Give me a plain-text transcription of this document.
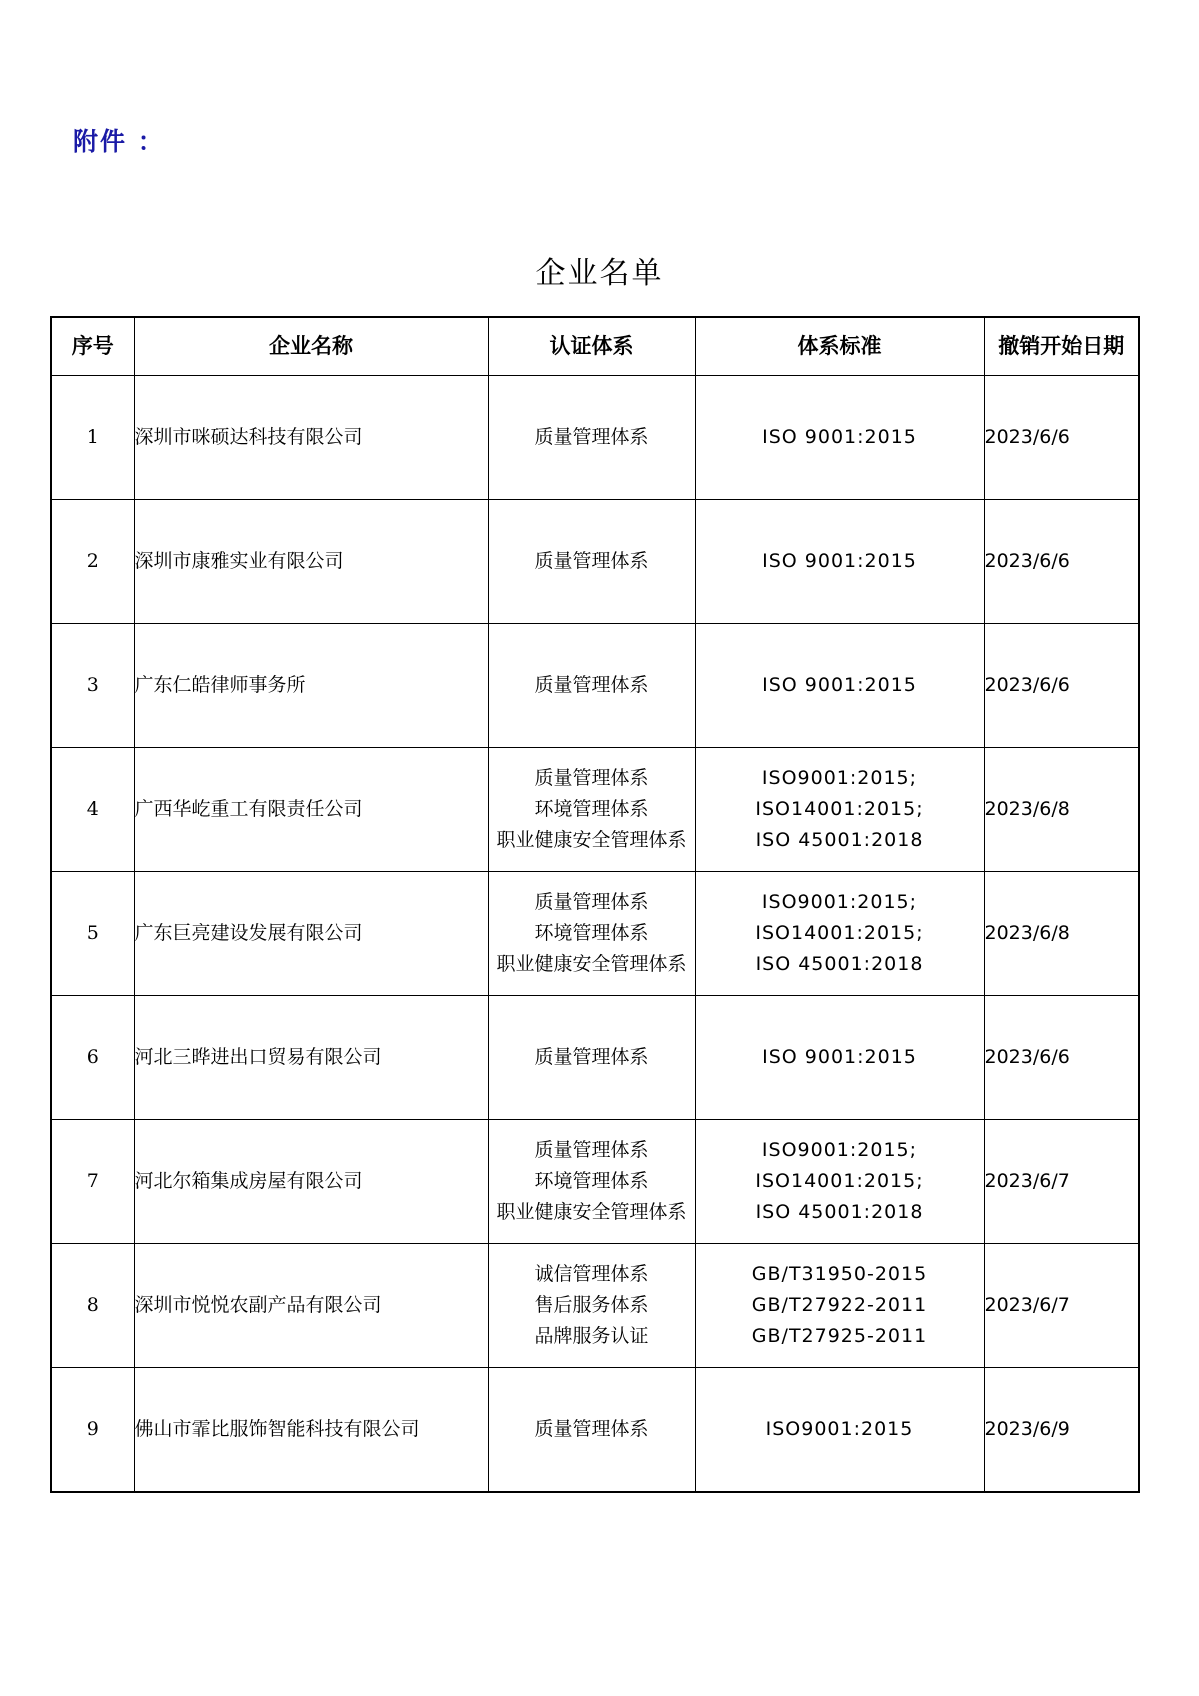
附件 ：
企业名单
序号	企业名称	认证体系	体系标准	撤销开始日期
1	深圳市咪硕达科技有限公司	质量管理体系	ISO 9001:2015	2023/6/6
2	深圳市康雅实业有限公司	质量管理体系	ISO 9001:2015	2023/6/6
3	广东仁皓律师事务所	质量管理体系	ISO 9001:2015	2023/6/6
4	广西华屹重工有限责任公司	质量管理体系
环境管理体系
职业健康安全管理体系	ISO9001:2015;
ISO14001:2015;
ISO 45001:2018	2023/6/8
5	广东巨亮建设发展有限公司	质量管理体系
环境管理体系
职业健康安全管理体系	ISO9001:2015;
ISO14001:2015;
ISO 45001:2018	2023/6/8
6	河北三晔进出口贸易有限公司	质量管理体系	ISO 9001:2015	2023/6/6
7	河北尔箱集成房屋有限公司	质量管理体系
环境管理体系
职业健康安全管理体系	ISO9001:2015;
ISO14001:2015;
ISO 45001:2018	2023/6/7
8	深圳市悦悦农副产品有限公司	诚信管理体系
售后服务体系
品牌服务认证	GB/T31950-2015
GB/T27922-2011
GB/T27925-2011	2023/6/7
9	佛山市霏比服饰智能科技有限公司	质量管理体系	ISO9001:2015	2023/6/9
